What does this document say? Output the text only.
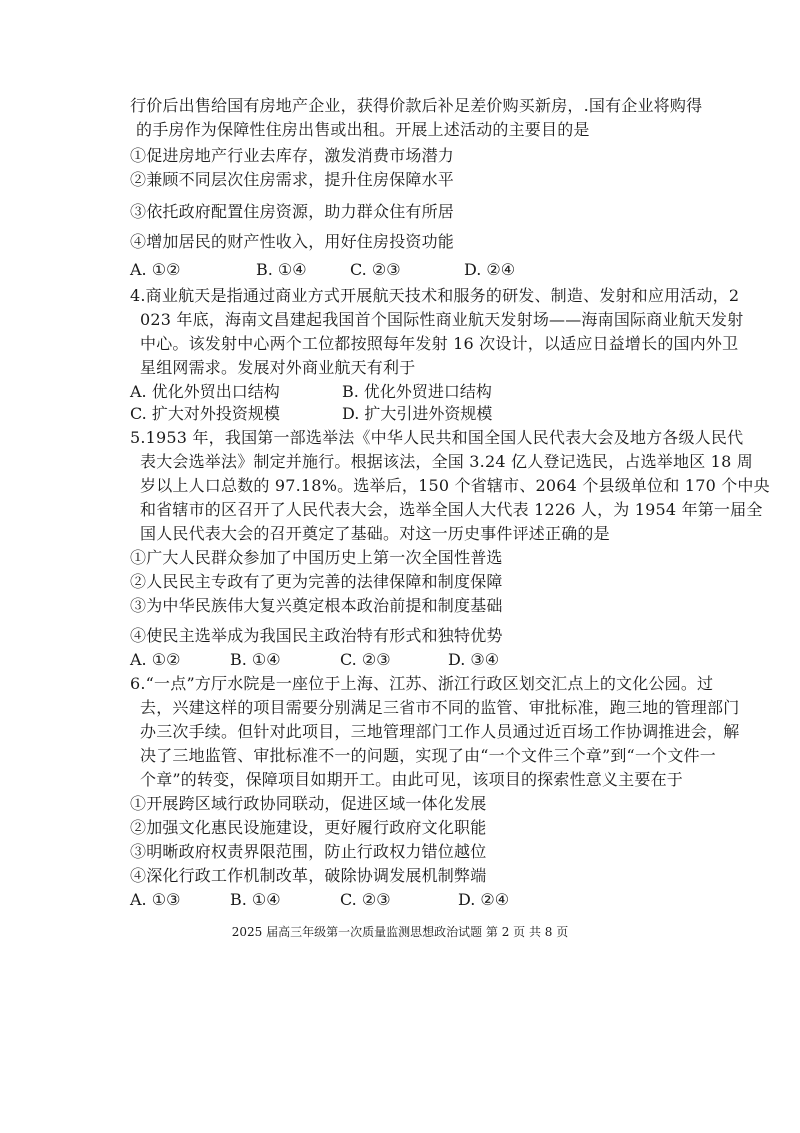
行价后出售给国有房地产企业，获得价款后补足差价购买新房，.国有企业将购得
的手房作为保障性住房出售或出租。开展上述活动的主要目的是
①促进房地产行业去库存，激发消费市场潜力
②兼顾不同层次住房需求，提升住房保障水平
③依托政府配置住房资源，助力群众住有所居
④增加居民的财产性收入，用好住房投资功能
A. ①②	B. ①④	C. ②③	D. ②④
4.商业航天是指通过商业方式开展航天技术和服务的研发、制造、发射和应用活动，2
023 年底，海南文昌建起我国首个国际性商业航天发射场——海南国际商业航天发射
中心。该发射中心两个工位都按照每年发射 16 次设计，以适应日益增长的国内外卫
星组网需求。发展对外商业航天有利于
A. 优化外贸出口结构	B. 优化外贸进口结构
C. 扩大对外投资规模	D. 扩大引进外资规模
5.1953 年，我国第一部选举法《中华人民共和国全国人民代表大会及地方各级人民代
表大会选举法》制定并施行。根据该法，全国 3.24 亿人登记选民，占选举地区 18 周
岁以上人口总数的 97.18%。选举后，150 个省辖市、2064 个县级单位和 170 个中央
和省辖市的区召开了人民代表大会，选举全国人大代表 1226 人，为 1954 年第一届全
国人民代表大会的召开奠定了基础。对这一历史事件评述正确的是
①广大人民群众参加了中国历史上第一次全国性普选
②人民民主专政有了更为完善的法律保障和制度保障
③为中华民族伟大复兴奠定根本政治前提和制度基础
④使民主选举成为我国民主政治特有形式和独特优势
A. ①②	B. ①④	C. ②③	D. ③④
6.“一点”方厅水院是一座位于上海、江苏、浙江行政区划交汇点上的文化公园。过
去，兴建这样的项目需要分别满足三省市不同的监管、审批标准，跑三地的管理部门
办三次手续。但针对此项目，三地管理部门工作人员通过近百场工作协调推进会，解
决了三地监管、审批标准不一的问题，实现了由“一个文件三个章”到“一个文件一
个章”的转变，保障项目如期开工。由此可见，该项目的探索性意义主要在于
①开展跨区域行政协同联动，促进区域一体化发展
②加强文化惠民设施建设，更好履行政府文化职能
③明晰政府权责界限范围，防止行政权力错位越位
④深化行政工作机制改革，破除协调发展机制弊端
A. ①③	B. ①④	C. ②③	D. ②④
2025 届高三年级第一次质量监测思想政治试题 第 2 页 共 8 页
